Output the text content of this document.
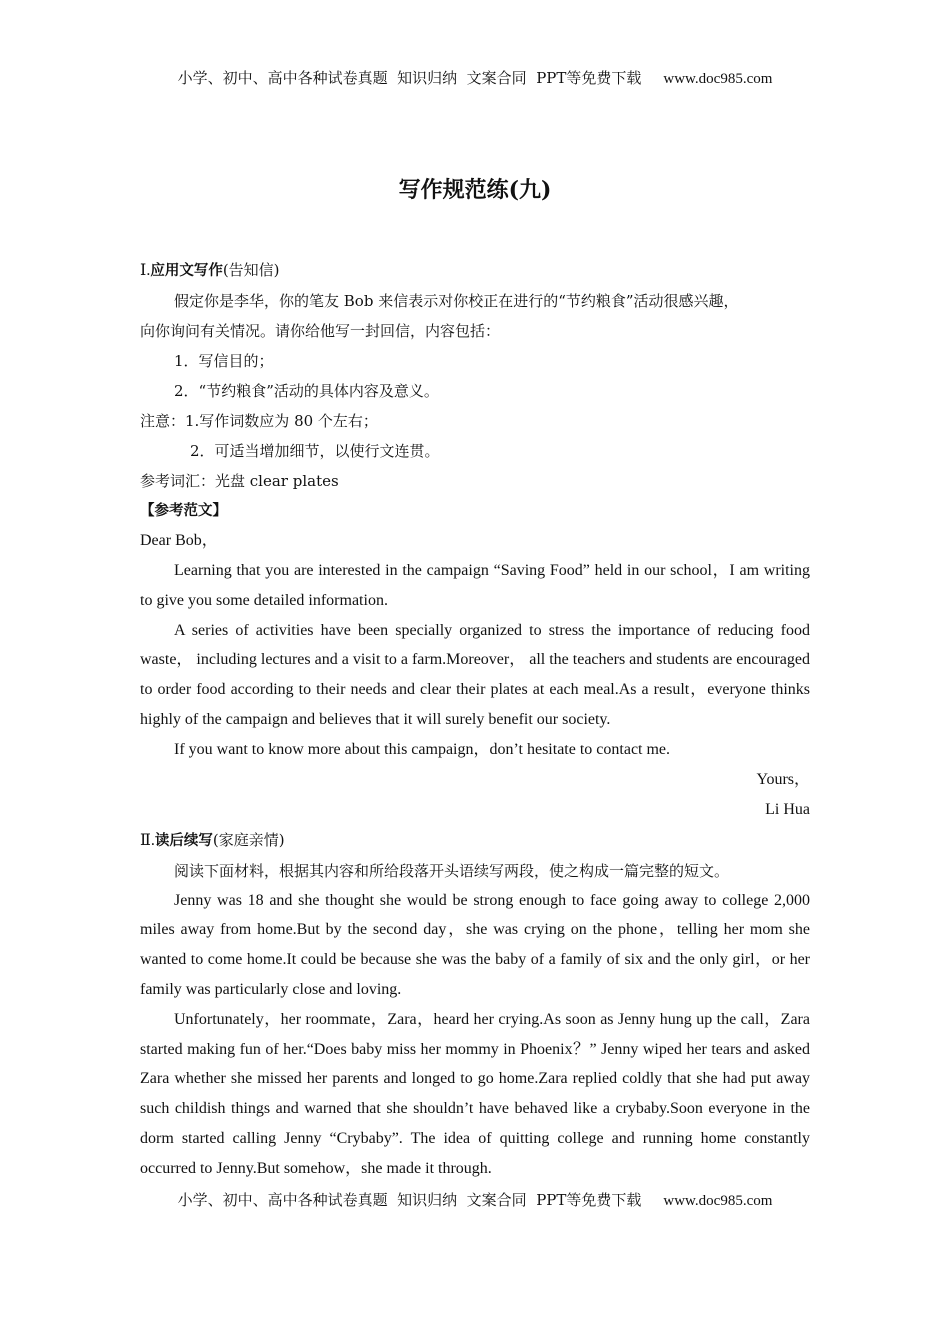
小学、初中、高中各种试卷真题  知识归纳  文案合同  PPT等免费下载 www.doc985.com
写作规范练(九)

Ⅰ.应用文写作(告知信)

假定你是李华，你的笔友 Bob 来信表示对你校正在进行的“节约粮食”活动很感兴趣，

向你询问有关情况。请你给他写一封回信，内容包括：

1．写信目的；

2．“节约粮食”活动的具体内容及意义。

注意：1.写作词数应为 80 个左右；

2．可适当增加细节，以使行文连贯。

参考词汇：光盘 clear plates

【参考范文】

Dear Bob，

Learning that you are interested in the campaign “Saving Food” held in our school，I am writing to give you some detailed information.

A series of activities have been specially organized to stress the importance of reducing food waste， including lectures and a visit to a farm.Moreover， all the teachers and students are encouraged to order food according to their needs and clear their plates at each meal.As a result，everyone thinks highly of the campaign and believes that it will surely benefit our society.

If you want to know more about this campaign，don’t hesitate to contact me.

Yours，

Li Hua

Ⅱ.读后续写(家庭亲情)

阅读下面材料，根据其内容和所给段落开头语续写两段，使之构成一篇完整的短文。

Jenny was 18 and she thought she would be strong enough to face going away to college 2,000 miles away from home.But by the second day，she was crying on the phone，telling her mom she wanted to come home.It could be because she was the baby of a family of six and the only girl，or her family was particularly close and loving.

Unfortunately，her roommate，Zara，heard her crying.As soon as Jenny hung up the call，Zara started making fun of her.“Does baby miss her mommy in Phoenix？” Jenny wiped her tears and asked Zara whether she missed her parents and longed to go home.Zara replied coldly that she had put away such childish things and warned that she shouldn’t have behaved like a crybaby.Soon everyone in the dorm started calling Jenny “Crybaby”. The idea of quitting college and running home constantly occurred to Jenny.But somehow，she made it through.

小学、初中、高中各种试卷真题  知识归纳  文案合同  PPT等免费下载 www.doc985.com
